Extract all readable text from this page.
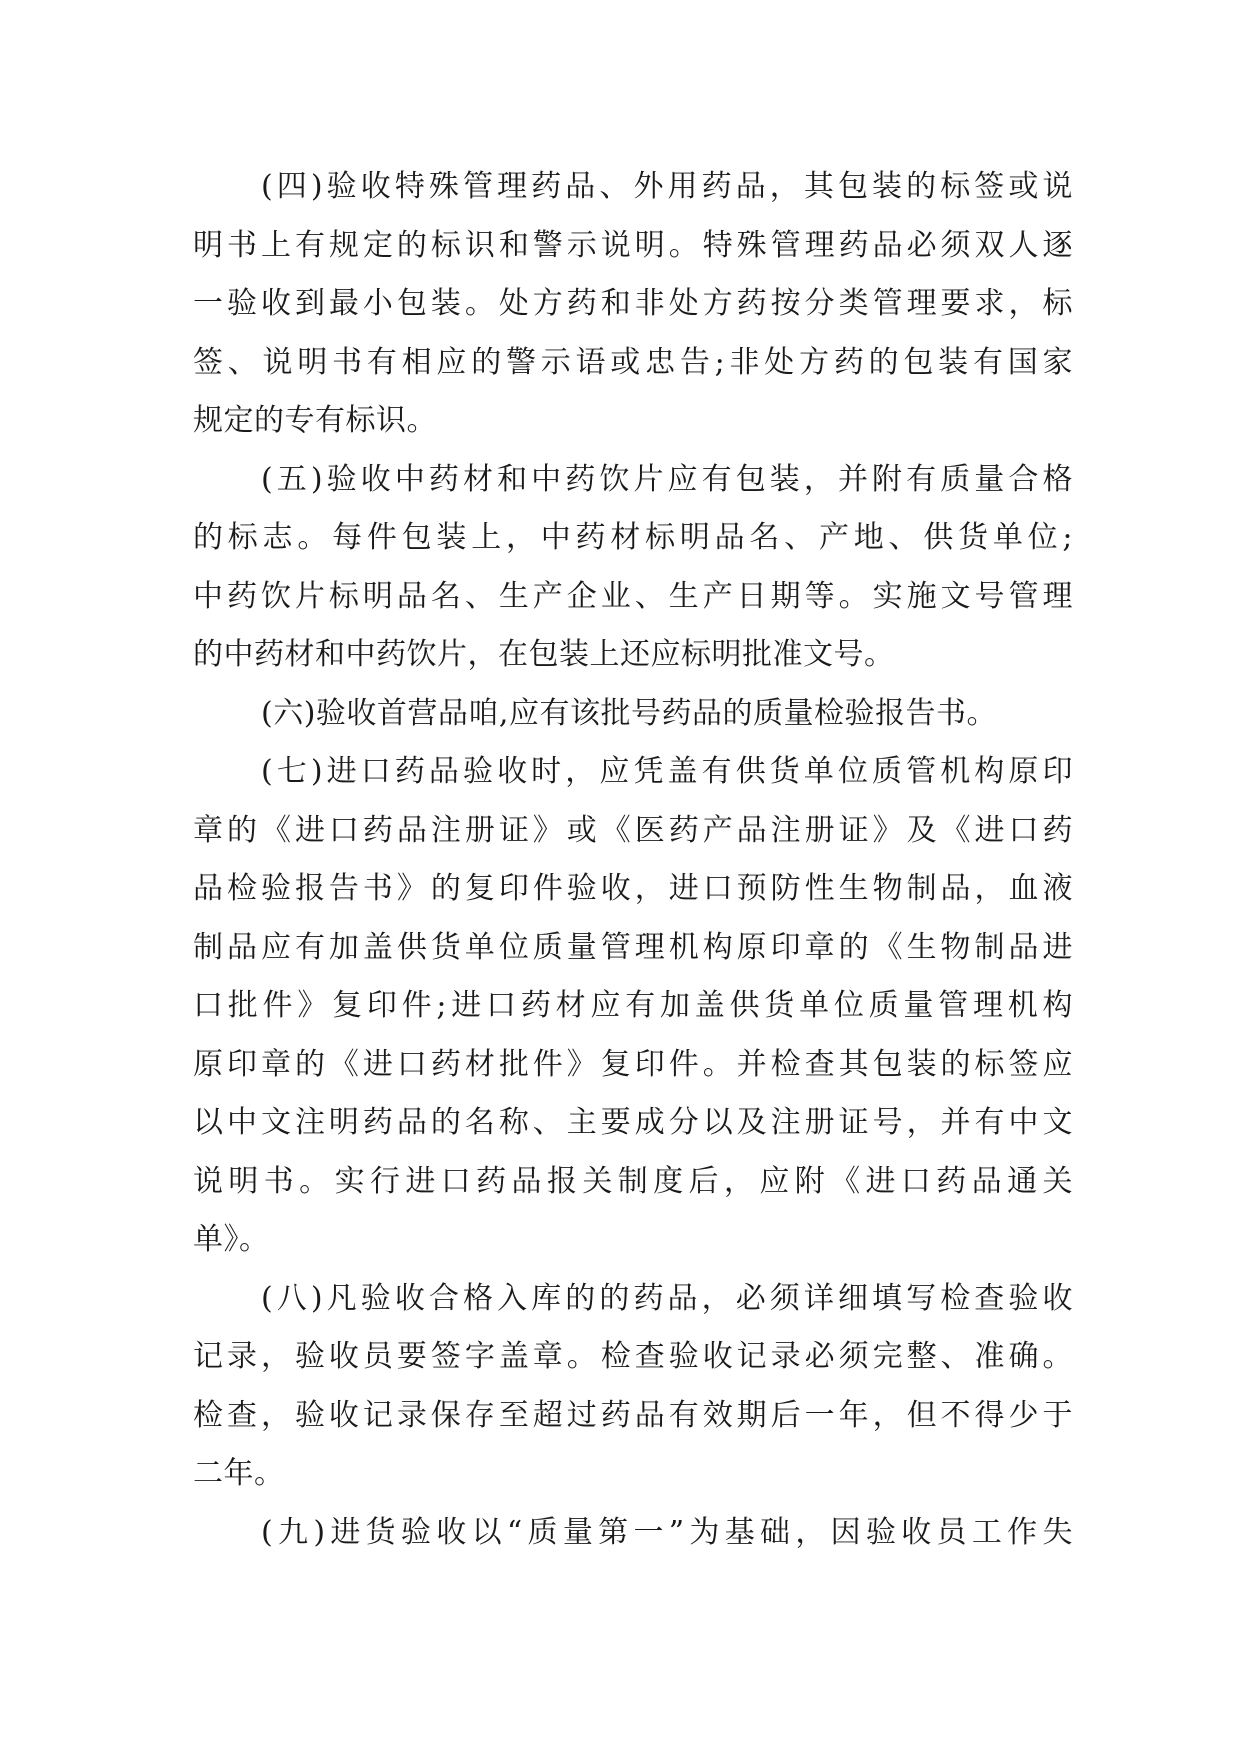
(四)验收特殊管理药品、外用药品，其包装的标签或说
明书上有规定的标识和警示说明。特殊管理药品必须双人逐
一验收到最小包装。处方药和非处方药按分类管理要求，标
签、说明书有相应的警示语或忠告;非处方药的包装有国家
规定的专有标识。
(五)验收中药材和中药饮片应有包装，并附有质量合格
的标志。每件包装上，中药材标明品名、产地、供货单位;
中药饮片标明品名、生产企业、生产日期等。实施文号管理
的中药材和中药饮片，在包装上还应标明批准文号。
(六)验收首营品咱,应有该批号药品的质量检验报告书。
(七)进口药品验收时，应凭盖有供货单位质管机构原印
章的《进口药品注册证》或《医药产品注册证》及《进口药
品检验报告书》的复印件验收，进口预防性生物制品，血液
制品应有加盖供货单位质量管理机构原印章的《生物制品进
口批件》复印件;进口药材应有加盖供货单位质量管理机构
原印章的《进口药材批件》复印件。并检查其包装的标签应
以中文注明药品的名称、主要成分以及注册证号，并有中文
说明书。实行进口药品报关制度后，应附《进口药品通关
单》。
(八)凡验收合格入库的的药品，必须详细填写检查验收
记录，验收员要签字盖章。检查验收记录必须完整、准确。
检查，验收记录保存至超过药品有效期后一年，但不得少于
二年。
(九)进货验收以“质量第一”为基础，因验收员工作失
